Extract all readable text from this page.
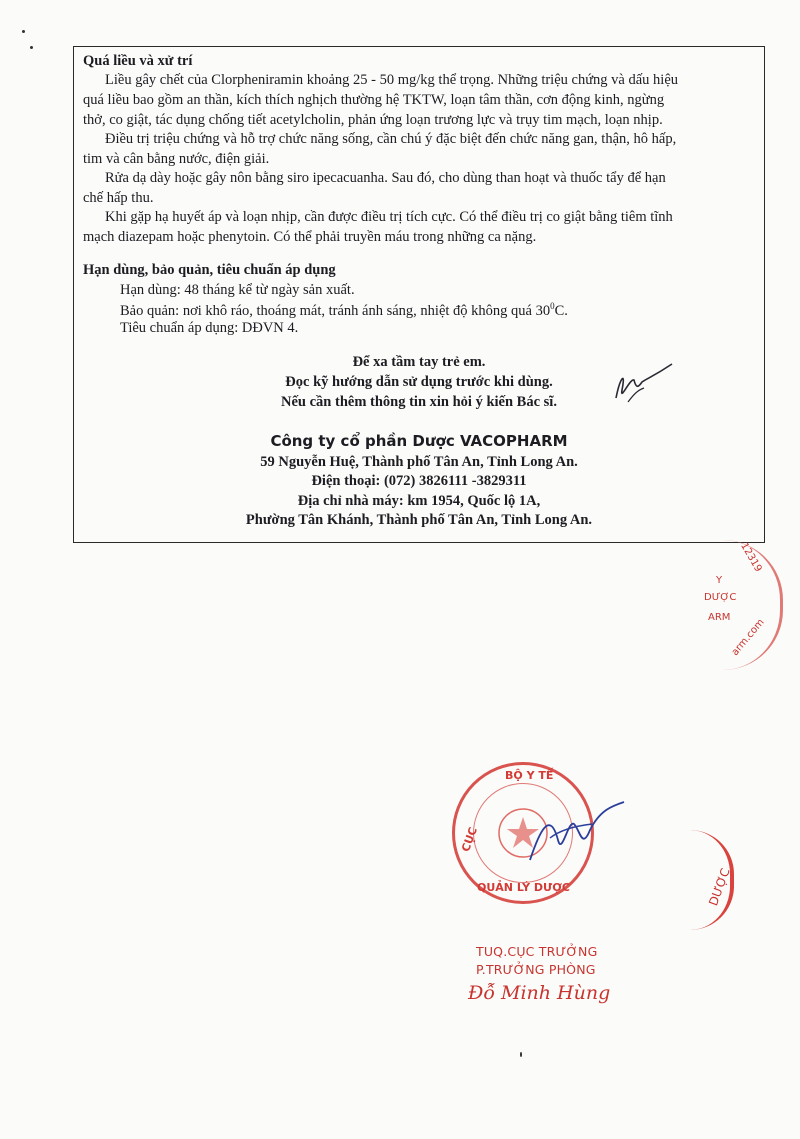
Quá liều và xử trí
Liều gây chết của Clorpheniramin khoảng 25 - 50 mg/kg thể trọng. Những triệu chứng và dấu hiệu
quá liều bao gồm an thần, kích thích nghịch thường hệ TKTW, loạn tâm thần, cơn động kinh, ngừng
thở, co giật, tác dụng chống tiết acetylcholin, phản ứng loạn trương lực và trụy tim mạch, loạn nhịp.
Điều trị triệu chứng và hỗ trợ chức năng sống, cần chú ý đặc biệt đến chức năng gan, thận, hô hấp,
tim và cân bằng nước, điện giải.
Rửa dạ dày hoặc gây nôn bằng siro ipecacuanha. Sau đó, cho dùng than hoạt và thuốc tẩy để hạn
chế hấp thu.
Khi gặp hạ huyết áp và loạn nhịp, cần được điều trị tích cực. Có thể điều trị co giật bằng tiêm tĩnh
mạch diazepam hoặc phenytoin. Có thể phải truyền máu trong những ca nặng.
Hạn dùng, bảo quản, tiêu chuẩn áp dụng
Hạn dùng: 48 tháng kể từ ngày sản xuất.
Bảo quản: nơi khô ráo, thoáng mát, tránh ánh sáng, nhiệt độ không quá $30^0C$.
Tiêu chuẩn áp dụng: DĐVN 4.
Để xa tầm tay trẻ em.
Đọc kỹ hướng dẫn sử dụng trước khi dùng.
Nếu cần thêm thông tin xin hỏi ý kiến Bác sĩ.
Công ty cổ phần Dược VACOPHARM
59 Nguyễn Huệ, Thành phố Tân An, Tỉnh Long An.
Điện thoại: (072) 3826111 -3829311
Địa chỉ nhà máy: km 1954, Quốc lộ 1A,
Phường Tân Khánh, Thành phố Tân An, Tỉnh Long An.
12319
Y
DƯỢC
ARM arm.com
BỘ Y TẾ
CỤC
QUẢN LÝ DƯỢC	DƯỢC
TUQ.CỤC TRƯỞNG
P.TRƯỞNG PHÒNG
Đỗ Minh Hùng
